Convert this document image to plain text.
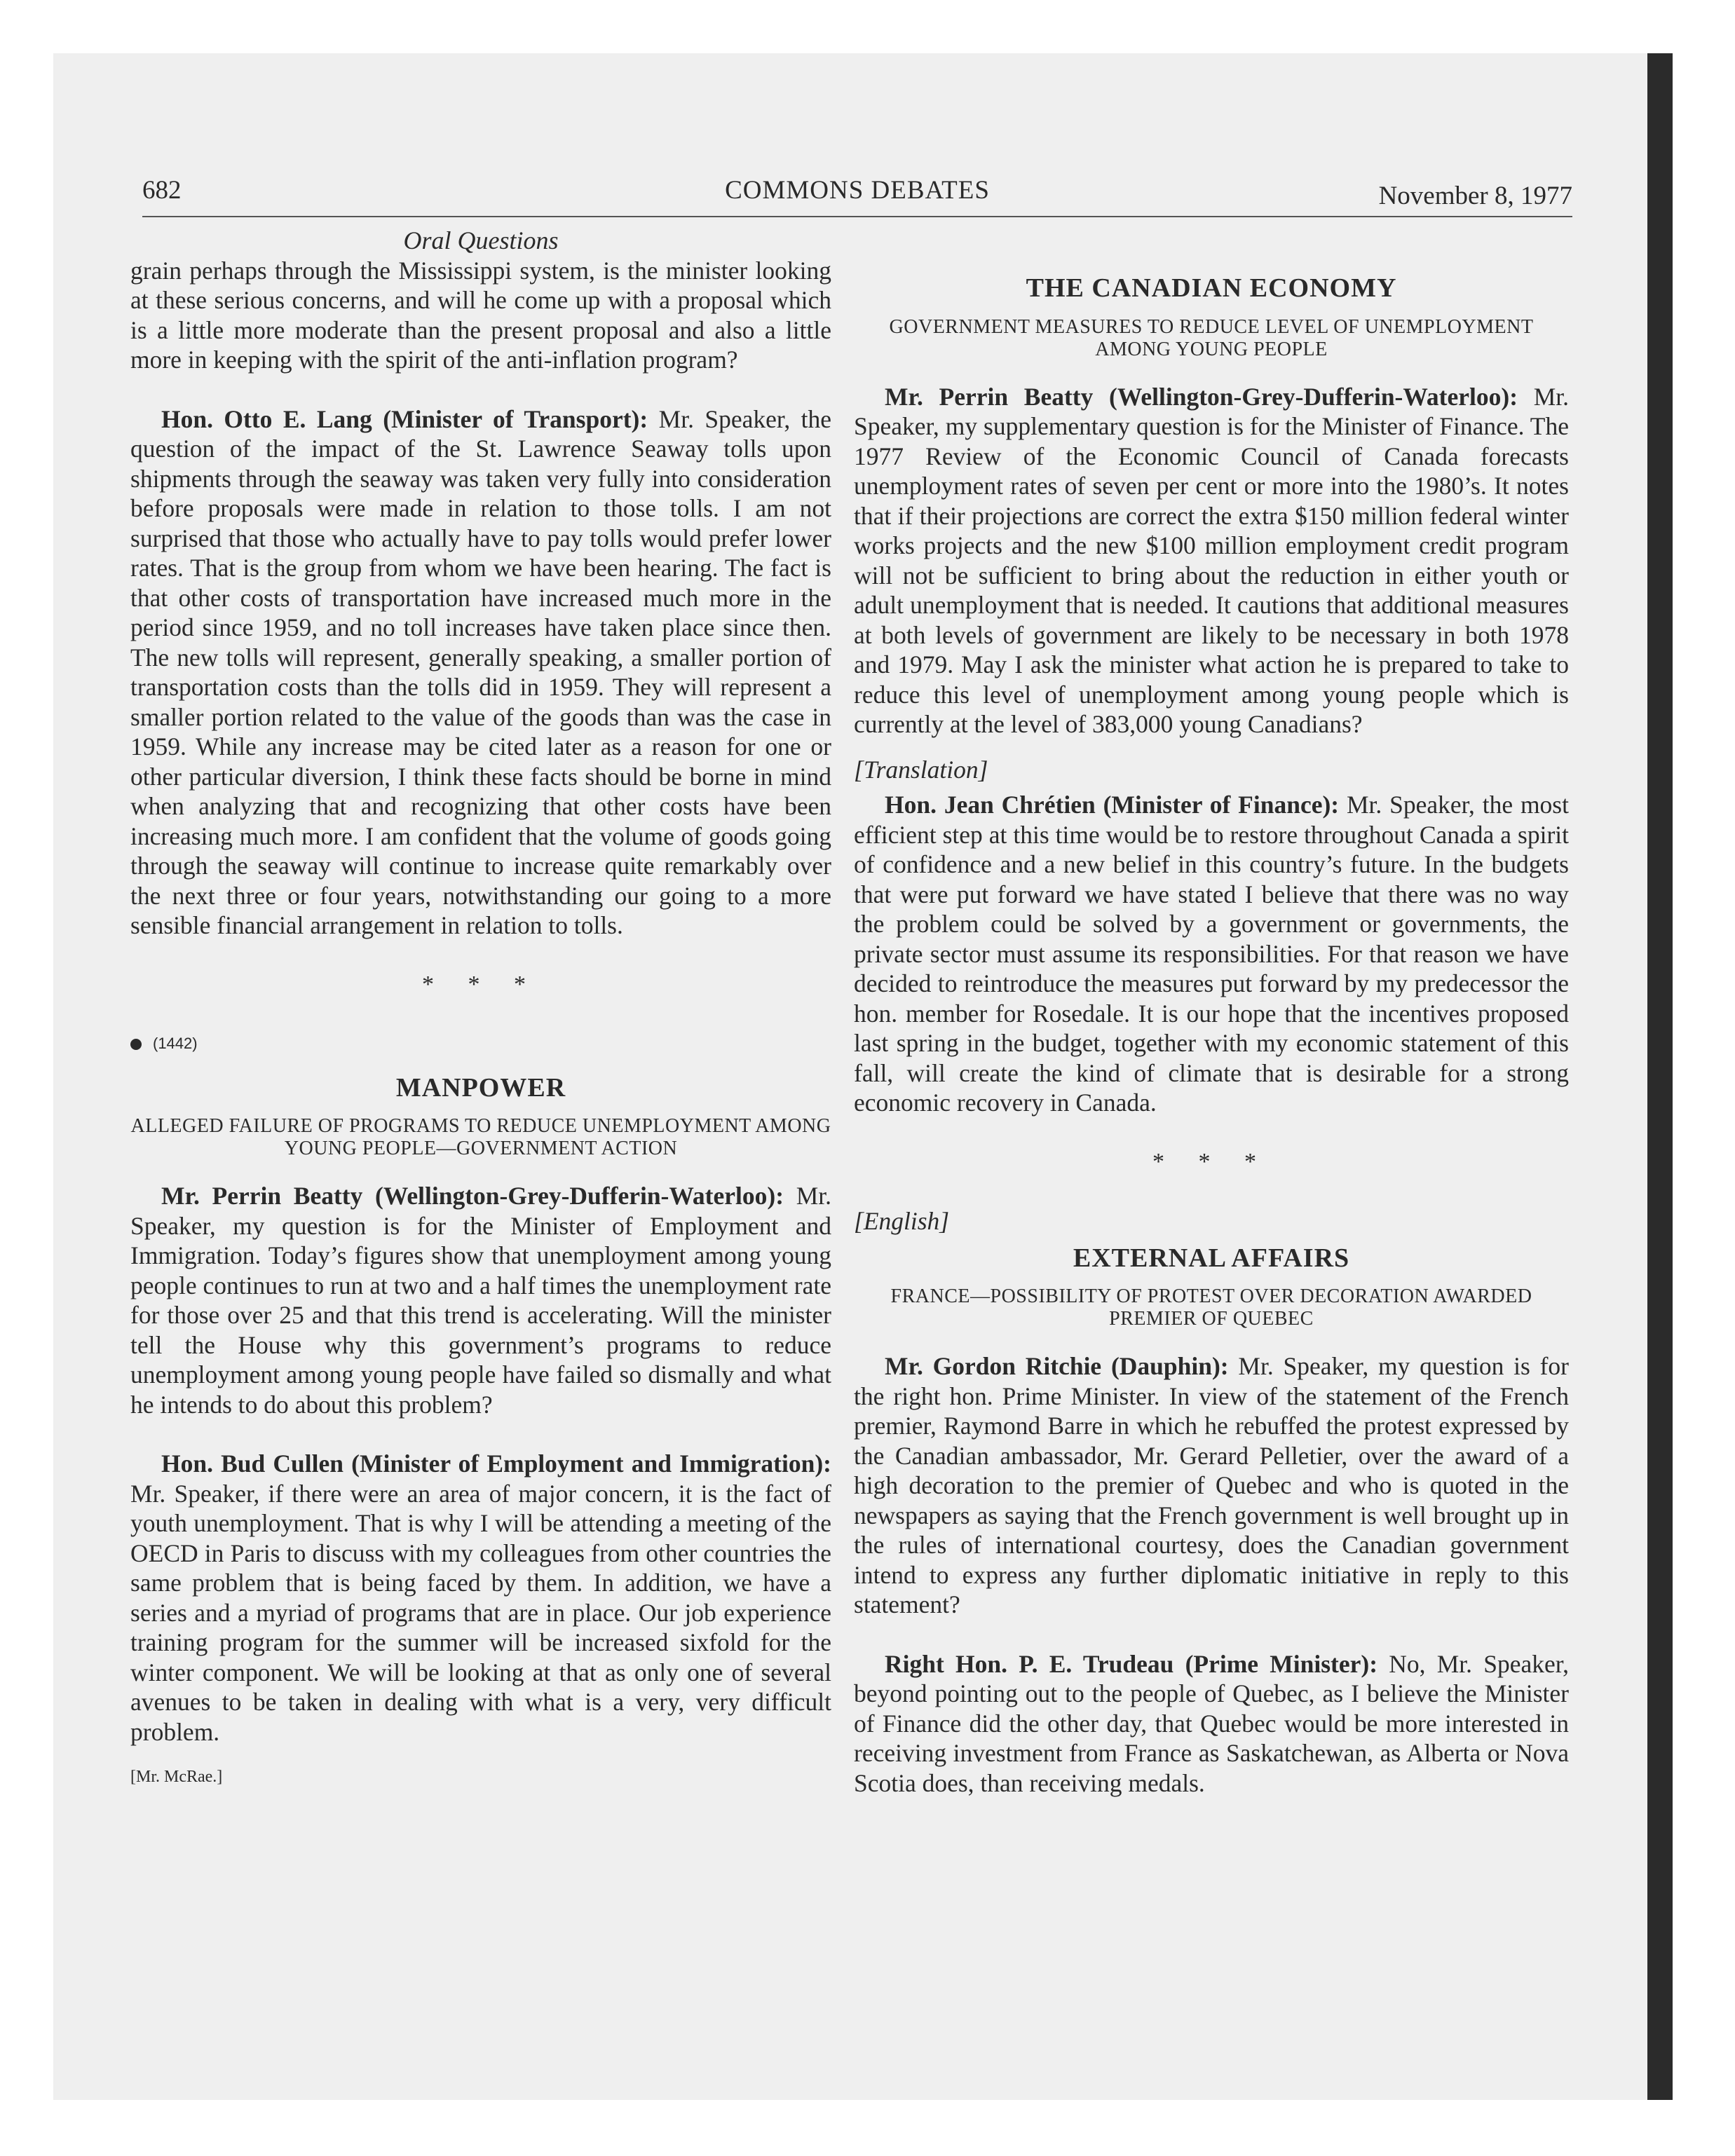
682	COMMONS DEBATES	November 8, 1977

Oral Questions

grain perhaps through the Mississippi system, is the minister looking at these serious concerns, and will he come up with a proposal which is a little more moderate than the present proposal and also a little more in keeping with the spirit of the anti-inflation program?

Hon. Otto E. Lang (Minister of Transport): Mr. Speaker, the question of the impact of the St. Lawrence Seaway tolls upon shipments through the seaway was taken very fully into consideration before proposals were made in relation to those tolls. I am not surprised that those who actually have to pay tolls would prefer lower rates. That is the group from whom we have been hearing. The fact is that other costs of transportation have increased much more in the period since 1959, and no toll increases have taken place since then. The new tolls will represent, generally speaking, a smaller portion of transportation costs than the tolls did in 1959. They will represent a smaller portion related to the value of the goods than was the case in 1959. While any increase may be cited later as a reason for one or other particular diversion, I think these facts should be borne in mind when analyzing that and recognizing that other costs have been increasing much more. I am confident that the volume of goods going through the seaway will continue to increase quite remarkably over the next three or four years, notwithstanding our going to a more sensible financial arrangement in relation to tolls.

* * *
(1442)
MANPOWER
ALLEGED FAILURE OF PROGRAMS TO REDUCE UNEMPLOYMENT AMONG YOUNG PEOPLE—GOVERNMENT ACTION

Mr. Perrin Beatty (Wellington-Grey-Dufferin-Waterloo): Mr. Speaker, my question is for the Minister of Employment and Immigration. Today’s figures show that unemployment among young people continues to run at two and a half times the unemployment rate for those over 25 and that this trend is accelerating. Will the minister tell the House why this government’s programs to reduce unemployment among young people have failed so dismally and what he intends to do about this problem?

Hon. Bud Cullen (Minister of Employment and Immigration): Mr. Speaker, if there were an area of major concern, it is the fact of youth unemployment. That is why I will be attending a meeting of the OECD in Paris to discuss with my colleagues from other countries the same problem that is being faced by them. In addition, we have a series and a myriad of programs that are in place. Our job experience training program for the summer will be increased sixfold for the winter component. We will be looking at that as only one of several avenues to be taken in dealing with what is a very, very difficult problem.

[Mr. McRae.]
THE CANADIAN ECONOMY
GOVERNMENT MEASURES TO REDUCE LEVEL OF UNEMPLOYMENT AMONG YOUNG PEOPLE

Mr. Perrin Beatty (Wellington-Grey-Dufferin-Waterloo): Mr. Speaker, my supplementary question is for the Minister of Finance. The 1977 Review of the Economic Council of Canada forecasts unemployment rates of seven per cent or more into the 1980’s. It notes that if their projections are correct the extra $150 million federal winter works projects and the new $100 million employment credit program will not be sufficient to bring about the reduction in either youth or adult unemployment that is needed. It cautions that additional measures at both levels of government are likely to be necessary in both 1978 and 1979. May I ask the minister what action he is prepared to take to reduce this level of unemployment among young people which is currently at the level of 383,000 young Canadians?

[Translation]

Hon. Jean Chrétien (Minister of Finance): Mr. Speaker, the most efficient step at this time would be to restore throughout Canada a spirit of confidence and a new belief in this country’s future. In the budgets that were put forward we have stated I believe that there was no way the problem could be solved by a government or governments, the private sector must assume its responsibilities. For that reason we have decided to reintroduce the measures put forward by my predecessor the hon. member for Rosedale. It is our hope that the incentives proposed last spring in the budget, together with my economic statement of this fall, will create the kind of climate that is desirable for a strong economic recovery in Canada.

* * *

[English]

EXTERNAL AFFAIRS
FRANCE—POSSIBILITY OF PROTEST OVER DECORATION AWARDED PREMIER OF QUEBEC

Mr. Gordon Ritchie (Dauphin): Mr. Speaker, my question is for the right hon. Prime Minister. In view of the statement of the French premier, Raymond Barre in which he rebuffed the protest expressed by the Canadian ambassador, Mr. Gerard Pelletier, over the award of a high decoration to the premier of Quebec and who is quoted in the newspapers as saying that the French government is well brought up in the rules of international courtesy, does the Canadian government intend to express any further diplomatic initiative in reply to this statement?

Right Hon. P. E. Trudeau (Prime Minister): No, Mr. Speaker, beyond pointing out to the people of Quebec, as I believe the Minister of Finance did the other day, that Quebec would be more interested in receiving investment from France as Saskatchewan, as Alberta or Nova Scotia does, than receiving medals.
